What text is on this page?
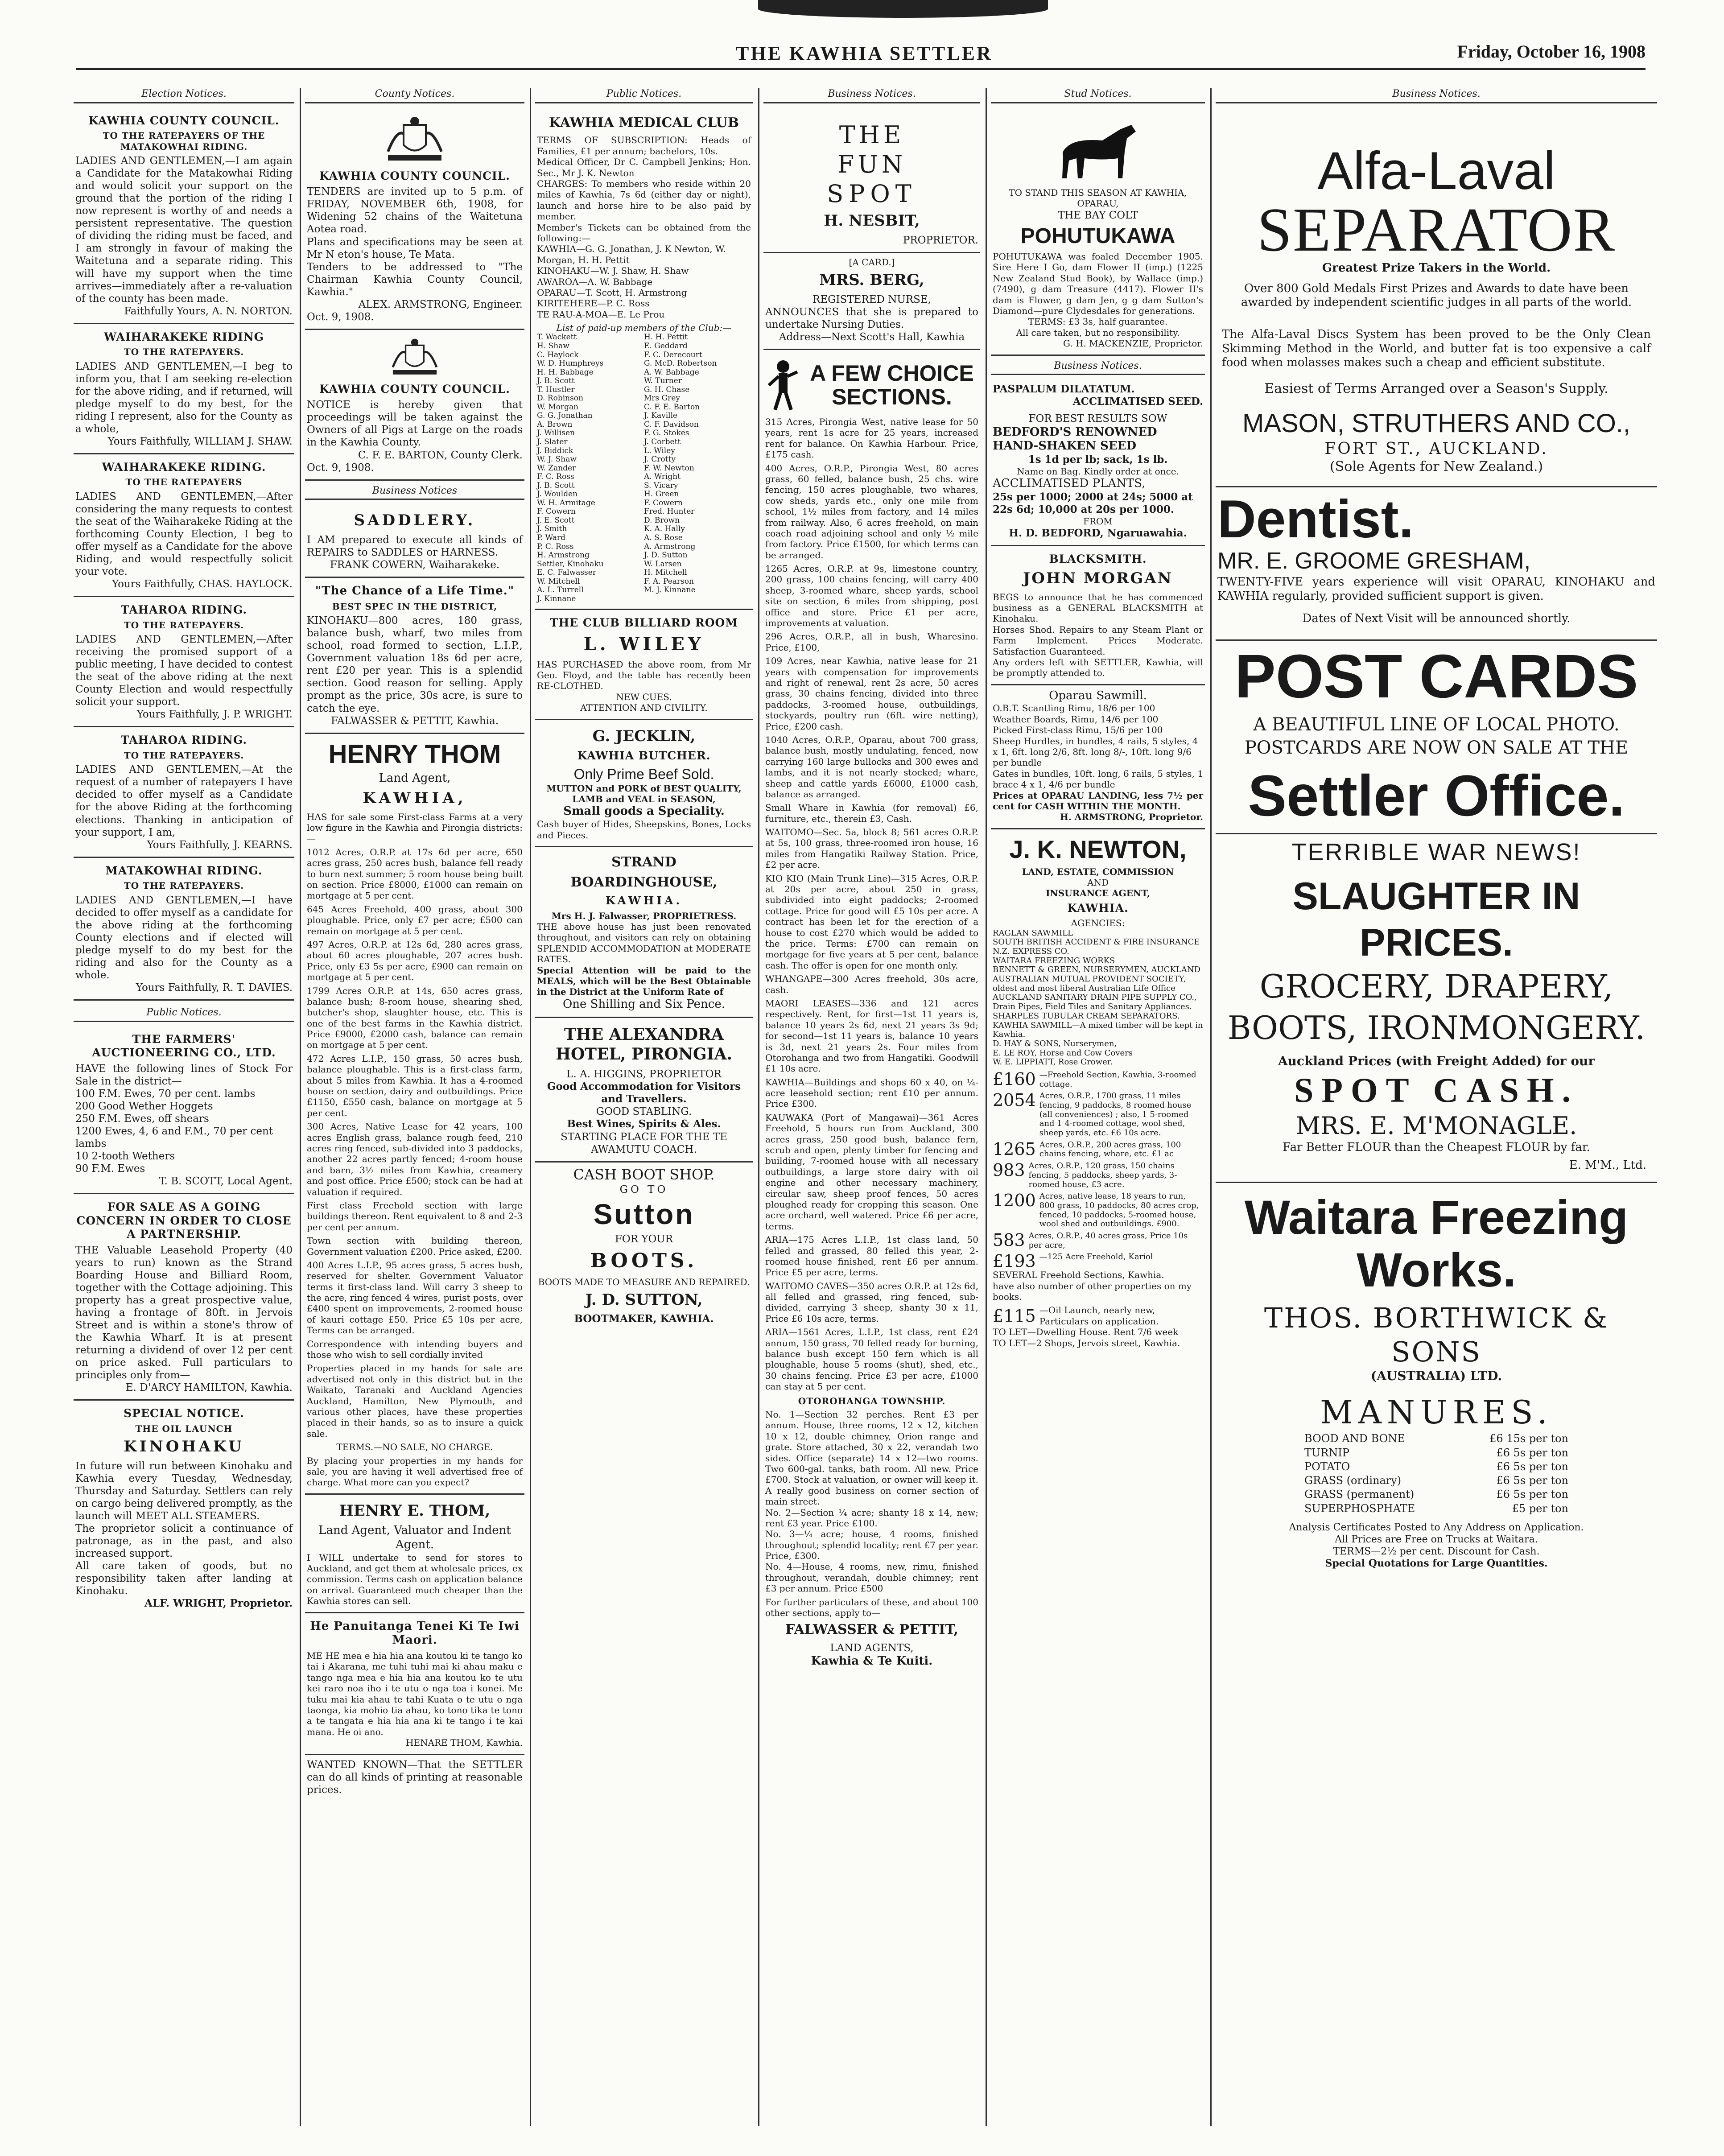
THE KAWHIA SETTLER	Friday, October 16, 1908
Election Notices.
KAWHIA COUNTY COUNCIL.
TO THE RATEPAYERS OF THE MATAKOWHAI RIDING.
LADIES AND GENTLEMEN,—I am again a Candidate for the Matakowhai Riding and would solicit your support on the ground that the portion of the riding I now represent is worthy of and needs a persistent representative. The question of dividing the riding must be faced, and I am strongly in favour of making the Waitetuna and a separate riding. This will have my support when the time arrives—immediately after a re-valuation of the county has been made.
Faithfully Yours, A. N. NORTON.
WAIHARAKEKE RIDING
TO THE RATEPAYERS.
LADIES AND GENTLEMEN,—I beg to inform you, that I am seeking re-election for the above riding, and if returned, will pledge myself to do my best, for the riding I represent, also for the County as a whole,
Yours Faithfully, WILLIAM J. SHAW.
WAIHARAKEKE RIDING.
TO THE RATEPAYERS
LADIES AND GENTLEMEN,—After considering the many requests to contest the seat of the Waiharakeke Riding at the forthcoming County Election, I beg to offer myself as a Candidate for the above Riding, and would respectfully solicit your vote.
Yours Faithfully, CHAS. HAYLOCK.
TAHAROA RIDING.
TO THE RATEPAYERS.
LADIES AND GENTLEMEN,—After receiving the promised support of a public meeting, I have decided to contest the seat of the above riding at the next County Election and would respectfully solicit your support.
Yours Faithfully, J. P. WRIGHT.
TAHAROA RIDING.
TO THE RATEPAYERS.
LADIES AND GENTLEMEN,—At the request of a number of ratepayers I have decided to offer myself as a Candidate for the above Riding at the forthcoming elections. Thanking in anticipation of your support, I am,
Yours Faithfully, J. KEARNS.
MATAKOWHAI RIDING.
TO THE RATEPAYERS.
LADIES AND GENTLEMEN,—I have decided to offer myself as a candidate for the above riding at the forthcoming County elections and if elected will pledge myself to do my best for the riding and also for the County as a whole.
Yours Faithfully, R. T. DAVIES.
Public Notices.
THE FARMERS' AUCTIONEERING CO., LTD.
HAVE the following lines of Stock For Sale in the district—
100 F.M. Ewes, 70 per cent. lambs
200 Good Wether Hoggets
250 F.M. Ewes, off shears
1200 Ewes, 4, 6 and F.M., 70 per cent lambs
10 2-tooth Wethers
90 F.M. Ewes
T. B. SCOTT, Local Agent.
FOR SALE AS A GOING CONCERN IN ORDER TO CLOSE A PARTNERSHIP.
THE Valuable Leasehold Property (40 years to run) known as the Strand Boarding House and Billiard Room, together with the Cottage adjoining. This property has a great prospective value, having a frontage of 80ft. in Jervois Street and is within a stone's throw of the Kawhia Wharf. It is at present returning a dividend of over 12 per cent on price asked. Full particulars to principles only from—
E. D'ARCY HAMILTON, Kawhia.
SPECIAL NOTICE.
THE OIL LAUNCH
KINOHAKU
In future will run between Kinohaku and Kawhia every Tuesday, Wednesday, Thursday and Saturday. Settlers can rely on cargo being delivered promptly, as the launch will MEET ALL STEAMERS.
The proprietor solicit a continuance of patronage, as in the past, and also increased support.
All care taken of goods, but no responsibility taken after landing at Kinohaku.
ALF. WRIGHT, Proprietor.
County Notices.
KAWHIA COUNTY COUNCIL.
TENDERS are invited up to 5 p.m. of FRIDAY, NOVEMBER 6th, 1908, for Widening 52 chains of the Waitetuna Aotea road.
Plans and specifications may be seen at Mr N eton's house, Te Mata.
Tenders to be addressed to "The Chairman Kawhia County Council, Kawhia."
ALEX. ARMSTRONG, Engineer.
Oct. 9, 1908.
KAWHIA COUNTY COUNCIL.
NOTICE is hereby given that proceedings will be taken against the Owners of all Pigs at Large on the roads in the Kawhia County.
C. F. E. BARTON, County Clerk.
Oct. 9, 1908.
Business Notices
SADDLERY.
I AM prepared to execute all kinds of REPAIRS to SADDLES or HARNESS.
FRANK COWERN, Waiharakeke.
"The Chance of a Life Time."
BEST SPEC IN THE DISTRICT,
KINOHAKU—800 acres, 180 grass, balance bush, wharf, two miles from school, road formed to section, L.I.P., Government valuation 18s 6d per acre, rent £20 per year. This is a splendid section. Good reason for selling. Apply prompt as the price, 30s acre, is sure to catch the eye.
FALWASSER & PETTIT, Kawhia.
HENRY THOM
Land Agent,
KAWHIA,
HAS for sale some First-class Farms at a very low figure in the Kawhia and Pirongia districts:—
1012 Acres, O.R.P. at 17s 6d per acre, 650 acres grass, 250 acres bush, balance fell ready to burn next summer; 5 room house being built on section. Price £8000, £1000 can remain on mortgage at 5 per cent.
645 Acres Freehold, 400 grass, about 300 ploughable. Price, only £7 per acre; £500 can remain on mortgage at 5 per cent.
497 Acres, O.R.P. at 12s 6d, 280 acres grass, about 60 acres ploughable, 207 acres bush. Price, only £3 5s per acre, £900 can remain on mortgage at 5 per cent.
1799 Acres O.R.P. at 14s, 650 acres grass, balance bush; 8-room house, shearing shed, butcher's shop, slaughter house, etc. This is one of the best farms in the Kawhia district. Price £9000, £2000 cash, balance can remain on mortgage at 5 per cent.
472 Acres L.I.P., 150 grass, 50 acres bush, balance ploughable. This is a first-class farm, about 5 miles from Kawhia. It has a 4-roomed house on section, dairy and outbuildings. Price £1150, £550 cash, balance on mortgage at 5 per cent.
300 Acres, Native Lease for 42 years, 100 acres English grass, balance rough feed, 210 acres ring fenced, sub-divided into 3 paddocks, another 22 acres partly fenced; 4-room house and barn, 3½ miles from Kawhia, creamery and post office. Price £500; stock can be had at valuation if required.
First class Freehold section with large buildings thereon. Rent equivalent to 8 and 2-3 per cent per annum.
Town section with building thereon, Government valuation £200. Price asked, £200.
400 Acres L.I.P., 95 acres grass, 5 acres bush, reserved for shelter. Government Valuator terms it first-class land. Will carry 3 sheep to the acre, ring fenced 4 wires, purist posts, over £400 spent on improvements, 2-roomed house of kauri cottage £50. Price £5 10s per acre, Terms can be arranged.
Correspondence with intending buyers and those who wish to sell cordially invited
Properties placed in my hands for sale are advertised not only in this district but in the Waikato, Taranaki and Auckland Agencies Auckland, Hamilton, New Plymouth, and various other places, have these properties placed in their hands, so as to insure a quick sale.
TERMS.—NO SALE, NO CHARGE.
By placing your properties in my hands for sale, you are having it well advertised free of charge. What more can you expect?
HENRY E. THOM,
Land Agent, Valuator and Indent Agent.
I WILL undertake to send for stores to Auckland, and get them at wholesale prices, ex commission. Terms cash on application balance on arrival. Guaranteed much cheaper than the Kawhia stores can sell.
He Panuitanga Tenei Ki Te Iwi Maori.
ME HE mea e hia hia ana koutou ki te tango ko tai i Akarana, me tuhi tuhi mai ki ahau maku e tango nga mea e hia hia ana koutou ko te utu kei raro noa iho i te utu o nga toa i konei. Me tuku mai kia ahau te tahi Kuata o te utu o nga taonga, kia mohio tia ahau, ko tono tika te tono a te tangata e hia hia ana ki te tango i te kai mana. He oi ano.
HENARE THOM, Kawhia.
WANTED KNOWN—That the SETTLER can do all kinds of printing at reasonable prices.
Public Notices.
KAWHIA MEDICAL CLUB
TERMS OF SUBSCRIPTION: Heads of Families, £1 per annum; bachelors, 10s.
Medical Officer, Dr C. Campbell Jenkins; Hon. Sec., Mr J. K. Newton
CHARGES: To members who reside within 20 miles of Kawhia, 7s 6d (either day or night), launch and horse hire to be also paid by member.
Member's Tickets can be obtained from the following:—
KAWHIA—G. G. Jonathan, J. K Newton, W. Morgan, H. H. Pettit
KINOHAKU—W. J. Shaw, H. Shaw
AWAROA—A. W. Babbage
OPARAU—T. Scott, H. Armstrong
KIRITEHERE—P. C. Ross
TE RAU-A-MOA—E. Le Prou
List of paid-up members of the Club:—
T. Wackett
H. Shaw
C. Haylock
W. D. Humphreys
H. H. Babbage
J. B. Scott
T. Hustler
D. Robinson
W. Morgan
G. G. Jonathan
A. Brown
J. Willisen
J. Slater
J. Biddick
W. J. Shaw
W. Zander
F. C. Ross
J. B. Scott
J. Woulden
W. H. Armitage
F. Cowern
J. E. Scott
J. Smith
P. Ward
P. C. Ross
H. Armstrong
Settler, Kinohaku
E. C. Falwasser
W. Mitchell
A. L. Turrell
J. Kinnane
H. H. Pettit
E. Geddard
F. C. Derecourt
G. McD. Robertson
A. W. Babbage
W. Turner
G. H. Chase
Mrs Grey
C. F. E. Barton
J. Kaville
C. F. Davidson
F. G. Stokes
J. Corbett
L. Wiley
J. Crotty
F. W. Newton
A. Wright
S. Vicary
H. Green
F. Cowern
Fred. Hunter
D. Brown
K. A. Hally
A. S. Rose
A. Armstrong
J. D. Sutton
W. Larsen
H. Mitchell
F. A. Pearson
M. J. Kinnane
THE CLUB BILLIARD ROOM
L. WILEY
HAS PURCHASED the above room, from Mr Geo. Floyd, and the table has recently been RE-CLOTHED.
NEW CUES.
ATTENTION AND CIVILITY.
G. JECKLIN,
KAWHIA BUTCHER.
Only Prime Beef Sold.
MUTTON and PORK of BEST QUALITY,
LAMB and VEAL in SEASON,
Small goods a Speciality.
Cash buyer of Hides, Sheepskins, Bones, Locks and Pieces.
STRAND
BOARDINGHOUSE,
KAWHIA.
Mrs H. J. Falwasser, PROPRIETRESS.
THE above house has just been renovated throughout, and visitors can rely on obtaining SPLENDID ACCOMMODATION at MODERATE RATES.
Special Attention will be paid to the MEALS, which will be the Best Obtainable in the District at the Uniform Rate of
One Shilling and Six Pence.
THE ALEXANDRA HOTEL, PIRONGIA.
L. A. HIGGINS, PROPRIETOR
Good Accommodation for Visitors and Travellers.
GOOD STABLING.
Best Wines, Spirits & Ales.
STARTING PLACE FOR THE TE AWAMUTU COACH.
CASH BOOT SHOP.
GO TO
Sutton
FOR YOUR
BOOTS.
BOOTS MADE TO MEASURE AND REPAIRED.
J. D. SUTTON,
BOOTMAKER, KAWHIA.
Business Notices.
THE
FUN
SPOT
H. NESBIT,
PROPRIETOR.
[A CARD.]
MRS. BERG,
REGISTERED NURSE,
ANNOUNCES that she is prepared to undertake Nursing Duties.
Address—Next Scott's Hall, Kawhia
A FEW CHOICE SECTIONS.
315 Acres, Pirongia West, native lease for 50 years, rent 1s acre for 25 years, increased rent for balance. On Kawhia Harbour. Price, £175 cash.
400 Acres, O.R.P., Pirongia West, 80 acres grass, 60 felled, balance bush, 25 chs. wire fencing, 150 acres ploughable, two whares, cow sheds, yards etc., only one mile from school, 1½ miles from factory, and 14 miles from railway. Also, 6 acres freehold, on main coach road adjoining school and only ½ mile from factory. Price £1500, for which terms can be arranged.
1265 Acres, O.R.P. at 9s, limestone country, 200 grass, 100 chains fencing, will carry 400 sheep, 3-roomed whare, sheep yards, school site on section, 6 miles from shipping, post office and store. Price £1 per acre, improvements at valuation.
296 Acres, O.R.P., all in bush, Wharesino. Price, £100,
109 Acres, near Kawhia, native lease for 21 years with compensation for improvements and right of renewal, rent 2s acre, 50 acres grass, 30 chains fencing, divided into three paddocks, 3-roomed house, outbuildings, stockyards, poultry run (6ft. wire netting), Price, £200 cash.
1040 Acres, O.R.P., Oparau, about 700 grass, balance bush, mostly undulating, fenced, now carrying 160 large bullocks and 300 ewes and lambs, and it is not nearly stocked; whare, sheep and cattle yards £6000, £1000 cash, balance as arranged.
Small Whare in Kawhia (for removal) £6, furniture, etc., therein £3, Cash.
WAITOMO—Sec. 5a, block 8; 561 acres O.R.P. at 5s, 100 grass, three-roomed iron house, 16 miles from Hangatiki Railway Station. Price, £2 per acre.
KIO KIO (Main Trunk Line)—315 Acres, O.R.P. at 20s per acre, about 250 in grass, subdivided into eight paddocks; 2-roomed cottage. Price for good will £5 10s per acre. A contract has been let for the erection of a house to cost £270 which would be added to the price. Terms: £700 can remain on mortgage for five years at 5 per cent, balance cash. The offer is open for one month only.
WHANGAPE—300 Acres freehold, 30s acre, cash.
MAORI LEASES—336 and 121 acres respectively. Rent, for first—1st 11 years is, balance 10 years 2s 6d, next 21 years 3s 9d; for second—1st 11 years is, balance 10 years is 3d, next 21 years 2s. Four miles from Otorohanga and two from Hangatiki. Goodwill £1 10s acre.
KAWHIA—Buildings and shops 60 x 40, on ¼-acre leasehold section; rent £10 per annum. Price £300.
KAUWAKA (Port of Mangawai)—361 Acres Freehold, 5 hours run from Auckland, 300 acres grass, 250 good bush, balance fern, scrub and open, plenty timber for fencing and building, 7-roomed house with all necessary outbuildings, a large store dairy with oil engine and other necessary machinery, circular saw, sheep proof fences, 50 acres ploughed ready for cropping this season. One acre orchard, well watered. Price £6 per acre, terms.
ARIA—175 Acres L.I.P., 1st class land, 50 felled and grassed, 80 felled this year, 2-roomed house finished, rent £6 per annum. Price £5 per acre, terms.
WAITOMO CAVES—350 acres O.R.P. at 12s 6d, all felled and grassed, ring fenced, sub-divided, carrying 3 sheep, shanty 30 x 11, Price £6 10s acre, terms.
ARIA—1561 Acres, L.I.P., 1st class, rent £24 annum, 150 grass, 70 felled ready for burning, balance bush except 150 fern which is all ploughable, house 5 rooms (shut), shed, etc., 30 chains fencing. Price £3 per acre, £1000 can stay at 5 per cent.
OTOROHANGA TOWNSHIP.
No. 1—Section 32 perches. Rent £3 per annum. House, three rooms, 12 x 12, kitchen 10 x 12, double chimney, Orion range and grate. Store attached, 30 x 22, verandah two sides. Office (separate) 14 x 12—two rooms. Two 600-gal. tanks, bath room. All new. Price £700. Stock at valuation, or owner will keep it. A really good business on corner section of main street.
No. 2—Section ¼ acre; shanty 18 x 14, new; rent £3 year. Price £100.
No. 3—¼ acre; house, 4 rooms, finished throughout; splendid locality; rent £7 per year. Price, £300.
No. 4—House, 4 rooms, new, rimu, finished throughout, verandah, double chimney; rent £3 per annum. Price £500
For further particulars of these, and about 100 other sections, apply to—
FALWASSER & PETTIT,
LAND AGENTS,
Kawhia & Te Kuiti.
Stud Notices.
TO STAND THIS SEASON AT KAWHIA, OPARAU,
THE BAY COLT
POHUTUKAWA
POHUTUKAWA was foaled December 1905. Sire Here I Go, dam Flower II (imp.) (1225 New Zealand Stud Book), by Wallace (imp.) (7490), g dam Treasure (4417). Flower II's dam is Flower, g dam Jen, g g dam Sutton's Diamond—pure Clydesdales for generations.
TERMS: £3 3s, half guarantee.
All care taken, but no responsibility.
G. H. MACKENZIE, Proprietor.
Business Notices.
PASPALUM DILATATUM.
ACCLIMATISED SEED.
FOR BEST RESULTS SOW
BEDFORD'S RENOWNED HAND-SHAKEN SEED
1s 1d per lb; sack, 1s lb.
Name on Bag. Kindly order at once.
ACCLIMATISED PLANTS,
25s per 1000; 2000 at 24s; 5000 at 22s 6d; 10,000 at 20s per 1000.
FROM
H. D. BEDFORD, Ngaruawahia.
BLACKSMITH.
JOHN MORGAN
BEGS to announce that he has commenced business as a GENERAL BLACKSMITH at Kinohaku.
Horses Shod. Repairs to any Steam Plant or Farm Implement. Prices Moderate. Satisfaction Guaranteed.
Any orders left with SETTLER, Kawhia, will be promptly attended to.
Oparau Sawmill.
O.B.T. Scantling Rimu, 18/6 per 100
Weather Boards, Rimu, 14/6 per 100
Picked First-class Rimu, 15/6 per 100
Sheep Hurdles, in bundles, 4 rails, 5 styles, 4 x 1, 6ft. long 2/6, 8ft. long 8/-, 10ft. long 9/6 per bundle
Gates in bundles, 10ft. long, 6 rails, 5 styles, 1 brace 4 x 1, 4/6 per bundle
Prices at OPARAU LANDING, less 7½ per cent for CASH WITHIN THE MONTH.
H. ARMSTRONG, Proprietor.
J. K. NEWTON,
LAND, ESTATE, COMMISSION
AND
INSURANCE AGENT,
KAWHIA.
AGENCIES:
RAGLAN SAWMILL
SOUTH BRITISH ACCIDENT & FIRE INSURANCE
N.Z. EXPRESS CO.
WAITARA FREEZING WORKS
BENNETT & GREEN, NURSERYMEN, AUCKLAND
AUSTRALIAN MUTUAL PROVIDENT SOCIETY, oldest and most liberal Australian Life Office
AUCKLAND SANITARY DRAIN PIPE SUPPLY CO., Drain Pipes, Field Tiles and Sanitary Appliances.
SHARPLES TUBULAR CREAM SEPARATORS.
KAWHIA SAWMILL—A mixed timber will be kept in Kawhia.
D. HAY & SONS, Nurserymen,
E. LE ROY, Horse and Cow Covers
W. E. LIPPIATT, Rose Grower.
£160 —Freehold Section, Kawhia, 3-roomed cottage.
2054 Acres, O.R.P., 1700 grass, 11 miles fencing, 9 paddocks, 8 roomed house (all conveniences) ; also, 1 5-roomed and 1 4-roomed cottage, wool shed, sheep yards, etc. £6 10s acre.
1265 Acres, O.R.P., 200 acres grass, 100 chains fencing, whare, etc. £1 ac
983 Acres, O.R.P., 120 grass, 150 chains fencing, 5 paddocks, sheep yards, 3-roomed house, £3 acre.
1200 Acres, native lease, 18 years to run, 800 grass, 10 paddocks, 80 acres crop, fenced, 10 paddocks, 5-roomed house, wool shed and outbuildings. £900.
583 Acres, O.R.P., 40 acres grass, Price 10s per acre,
£193 —125 Acre Freehold, Kariol
SEVERAL Freehold Sections, Kawhia.
have also number of other properties on my books.
£115 —Oil Launch, nearly new, Particulars on application.
TO LET—Dwelling House. Rent 7/6 week
TO LET—2 Shops, Jervois street, Kawhia.
Business Notices.
Alfa-Laval
SEPARATOR
Greatest Prize Takers in the World.
Over 800 Gold Medals First Prizes and Awards to date have been awarded by independent scientific judges in all parts of the world.
The Alfa-Laval Discs System has been proved to be the Only Clean Skimming Method in the World, and butter fat is too expensive a calf food when molasses makes such a cheap and efficient substitute.
Easiest of Terms Arranged over a Season's Supply.
MASON, STRUTHERS AND CO.,
FORT ST., AUCKLAND.
(Sole Agents for New Zealand.)
Dentist.
MR. E. GROOME GRESHAM,
TWENTY-FIVE years experience will visit OPARAU, KINOHAKU and KAWHIA regularly, provided sufficient support is given.
Dates of Next Visit will be announced shortly.
POST CARDS
A BEAUTIFUL LINE OF LOCAL PHOTO. POSTCARDS ARE NOW ON SALE AT THE
Settler Office.
TERRIBLE WAR NEWS!
SLAUGHTER IN PRICES.
GROCERY, DRAPERY,
BOOTS, IRONMONGERY.
Auckland Prices (with Freight Added) for our
SPOT CASH.
MRS. E. M'MONAGLE.
Far Better FLOUR than the Cheapest FLOUR by far.
E. M'M., Ltd.
Waitara Freezing Works.
THOS. BORTHWICK & SONS
(AUSTRALIA) LTD.
MANURES.
BOOD AND BONE	£6 15s per ton
TURNIP	£6 5s per ton
POTATO	£6 5s per ton
GRASS (ordinary)	£6 5s per ton
GRASS (permanent)	£6 5s per ton
SUPERPHOSPHATE	£5 per ton
Analysis Certificates Posted to Any Address on Application.
All Prices are Free on Trucks at Waitara.
TERMS—2½ per cent. Discount for Cash.
Special Quotations for Large Quantities.
